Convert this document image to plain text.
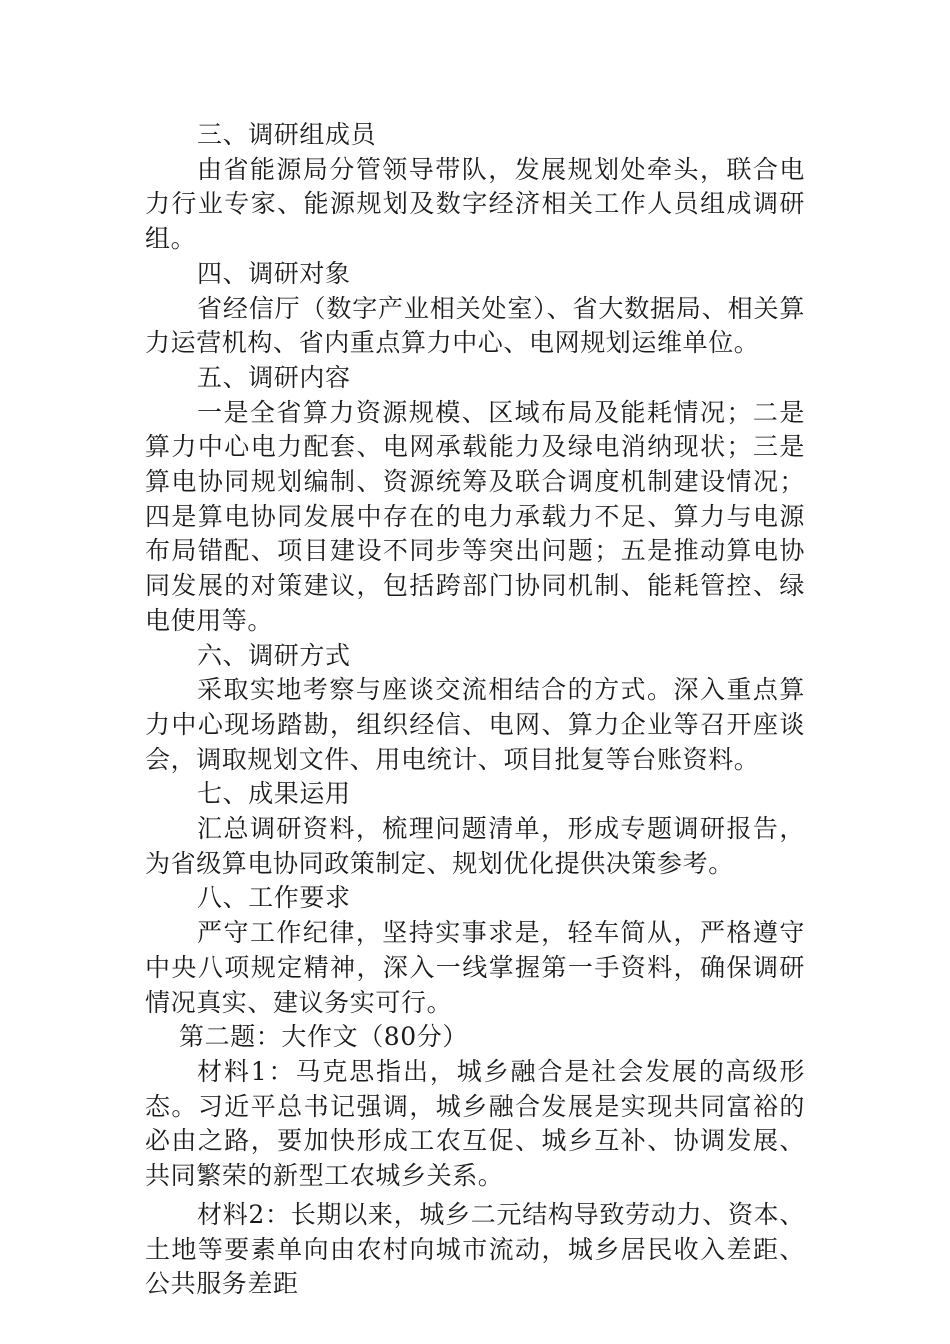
三、调研组成员

由省能源局分管领导带队，发展规划处牵头，联合电力行业专家、能源规划及数字经济相关工作人员组成调研组。

四、调研对象

省经信厅（数字产业相关处室）、省大数据局、相关算力运营机构、省内重点算力中心、电网规划运维单位。

五、调研内容

一是全省算力资源规模、区域布局及能耗情况；二是算力中心电力配套、电网承载能力及绿电消纳现状；三是算电协同规划编制、资源统筹及联合调度机制建设情况；四是算电协同发展中存在的电力承载力不足、算力与电源布局错配、项目建设不同步等突出问题；五是推动算电协同发展的对策建议，包括跨部门协同机制、能耗管控、绿电使用等。

六、调研方式

采取实地考察与座谈交流相结合的方式。深入重点算力中心现场踏勘，组织经信、电网、算力企业等召开座谈会，调取规划文件、用电统计、项目批复等台账资料。

七、成果运用

汇总调研资料，梳理问题清单，形成专题调研报告，为省级算电协同政策制定、规划优化提供决策参考。

八、工作要求

严守工作纪律，坚持实事求是，轻车简从，严格遵守中央八项规定精神，深入一线掌握第一手资料，确保调研情况真实、建议务实可行。

第二题：大作文（80分）

材料1：马克思指出，城乡融合是社会发展的高级形态。习近平总书记强调，城乡融合发展是实现共同富裕的必由之路，要加快形成工农互促、城乡互补、协调发展、共同繁荣的新型工农城乡关系。

材料2：长期以来，城乡二元结构导致劳动力、资本、土地等要素单向由农村向城市流动，城乡居民收入差距、公共服务差距
